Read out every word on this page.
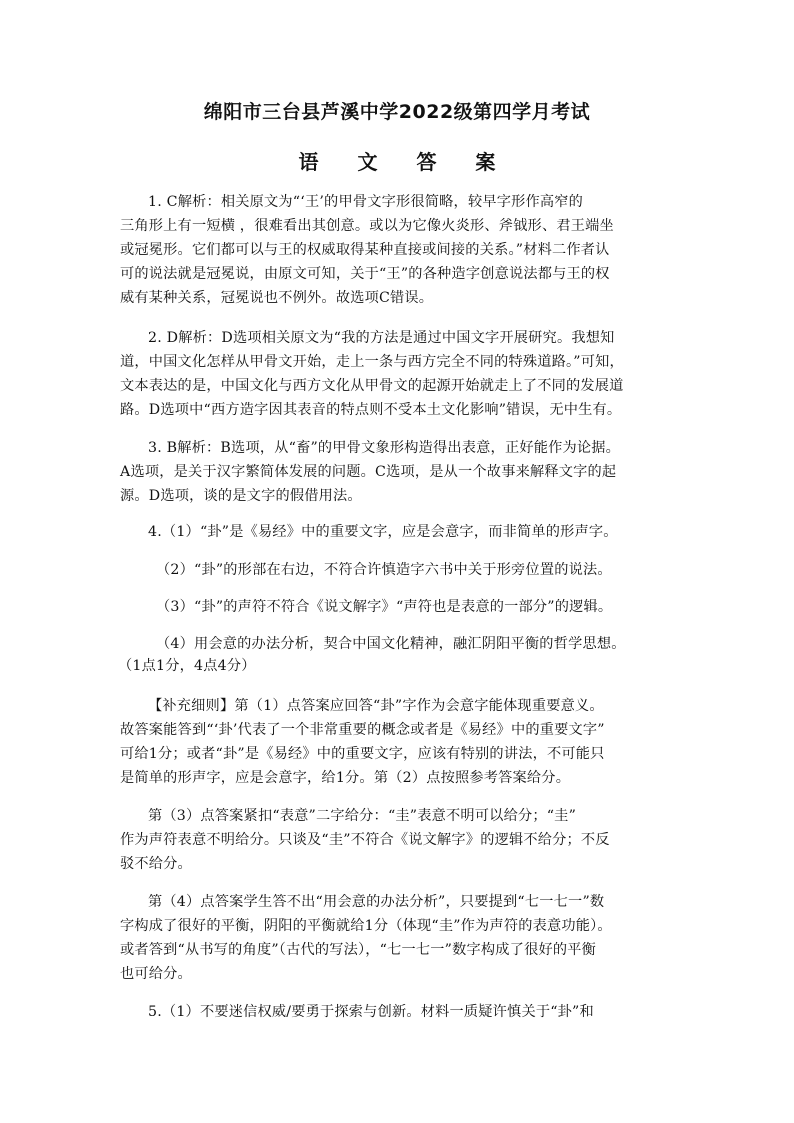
绵阳市三台县芦溪中学2022级第四学月考试
语 文 答 案
1. C解析：相关原文为“‘王’的甲骨文字形很简略，较早字形作高窄的
三角形上有一短横 ，很难看出其创意。或以为它像火炎形、斧钺形、君王端坐
或冠冕形。它们都可以与王的权威取得某种直接或间接的关系。”材料二作者认
可的说法就是冠冕说，由原文可知，关于“王”的各种造字创意说法都与王的权
威有某种关系，冠冕说也不例外。故选项C错误。
2. D解析：D选项相关原文为“我的方法是通过中国文字开展研究。我想知
道，中国文化怎样从甲骨文开始，走上一条与西方完全不同的特殊道路。”可知，
文本表达的是，中国文化与西方文化从甲骨文的起源开始就走上了不同的发展道
路。D选项中“西方造字因其表音的特点则不受本土文化影响”错误，无中生有。
3. B解析：B选项，从“畜”的甲骨文象形构造得出表意，正好能作为论据。
A选项，是关于汉字繁简体发展的问题。C选项，是从一个故事来解释文字的起
源。D选项，谈的是文字的假借用法。
4.（1）“卦”是《易经》中的重要文字，应是会意字，而非简单的形声字。
（2）“卦”的形部在右边，不符合许慎造字六书中关于形旁位置的说法。
（3）“卦”的声符不符合《说文解字》“声符也是表意的一部分”的逻辑。
（4）用会意的办法分析，契合中国文化精神，融汇阴阳平衡的哲学思想。
（1点1分，4点4分）
【补充细则】第（1）点答案应回答“卦”字作为会意字能体现重要意义。
故答案能答到“‘卦’代表了一个非常重要的概念或者是《易经》中的重要文字”
可给1分；或者“卦”是《易经》中的重要文字，应该有特别的讲法，不可能只
是简单的形声字，应是会意字，给1分。第（2）点按照参考答案给分。
第（3）点答案紧扣“表意”二字给分：“圭”表意不明可以给分；“圭”
作为声符表意不明给分。只谈及“圭”不符合《说文解字》的逻辑不给分；不反
驳不给分。
第（4）点答案学生答不出“用会意的办法分析”，只要提到“七一七一”数
字构成了很好的平衡，阴阳的平衡就给1分（体现“圭”作为声符的表意功能）。
或者答到“从书写的角度”（古代的写法），“七一七一”数字构成了很好的平衡
也可给分。
5.（1）不要迷信权威/要勇于探索与创新。材料一质疑许慎关于“卦”和
